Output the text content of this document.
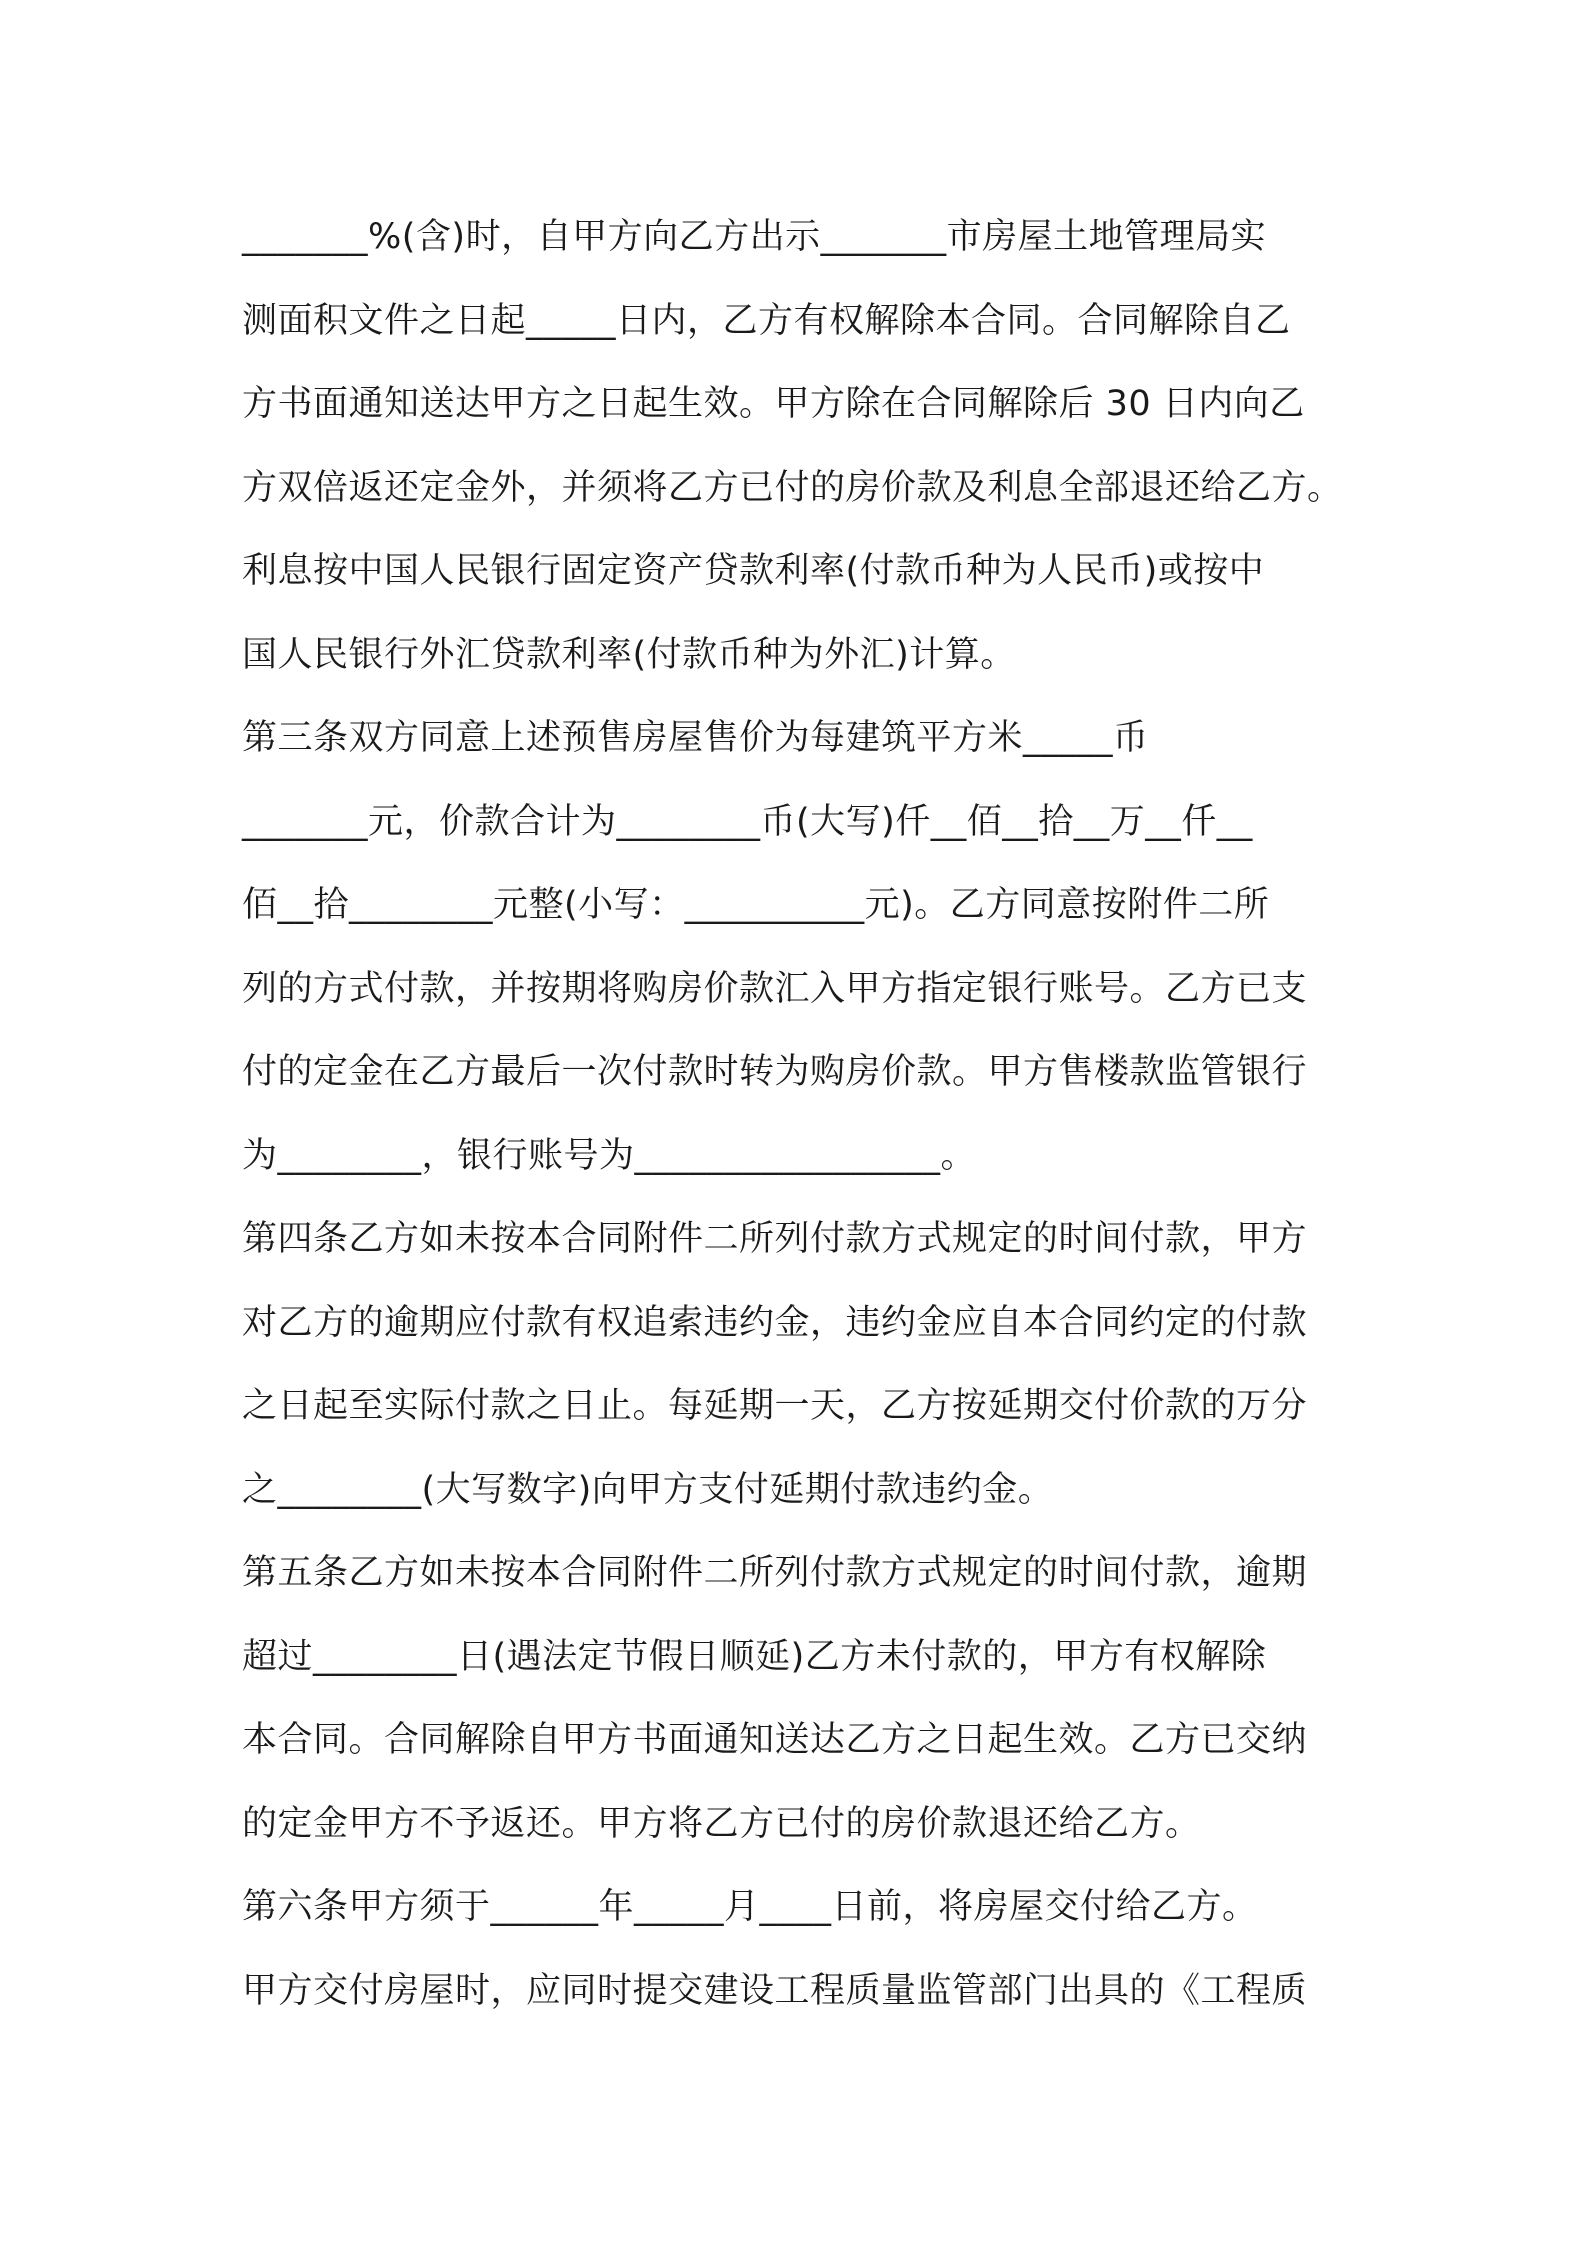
_______%(含)时，自甲方向乙方出示_______市房屋土地管理局实
测面积文件之日起_____日内，乙方有权解除本合同。合同解除自乙
方书面通知送达甲方之日起生效。甲方除在合同解除后 30 日内向乙
方双倍返还定金外，并须将乙方已付的房价款及利息全部退还给乙方。
利息按中国人民银行固定资产贷款利率(付款币种为人民币)或按中
国人民银行外汇贷款利率(付款币种为外汇)计算。
第三条双方同意上述预售房屋售价为每建筑平方米_____币
_______元，价款合计为________币(大写)仟__佰__拾__万__仟__
佰__拾________元整(小写：__________元)。乙方同意按附件二所
列的方式付款，并按期将购房价款汇入甲方指定银行账号。乙方已支
付的定金在乙方最后一次付款时转为购房价款。甲方售楼款监管银行
为________，银行账号为_________________。
第四条乙方如未按本合同附件二所列付款方式规定的时间付款，甲方
对乙方的逾期应付款有权追索违约金，违约金应自本合同约定的付款
之日起至实际付款之日止。每延期一天，乙方按延期交付价款的万分
之________(大写数字)向甲方支付延期付款违约金。
第五条乙方如未按本合同附件二所列付款方式规定的时间付款，逾期
超过________日(遇法定节假日顺延)乙方未付款的，甲方有权解除
本合同。合同解除自甲方书面通知送达乙方之日起生效。乙方已交纳
的定金甲方不予返还。甲方将乙方已付的房价款退还给乙方。
第六条甲方须于______年_____月____日前，将房屋交付给乙方。
甲方交付房屋时，应同时提交建设工程质量监管部门出具的《工程质
